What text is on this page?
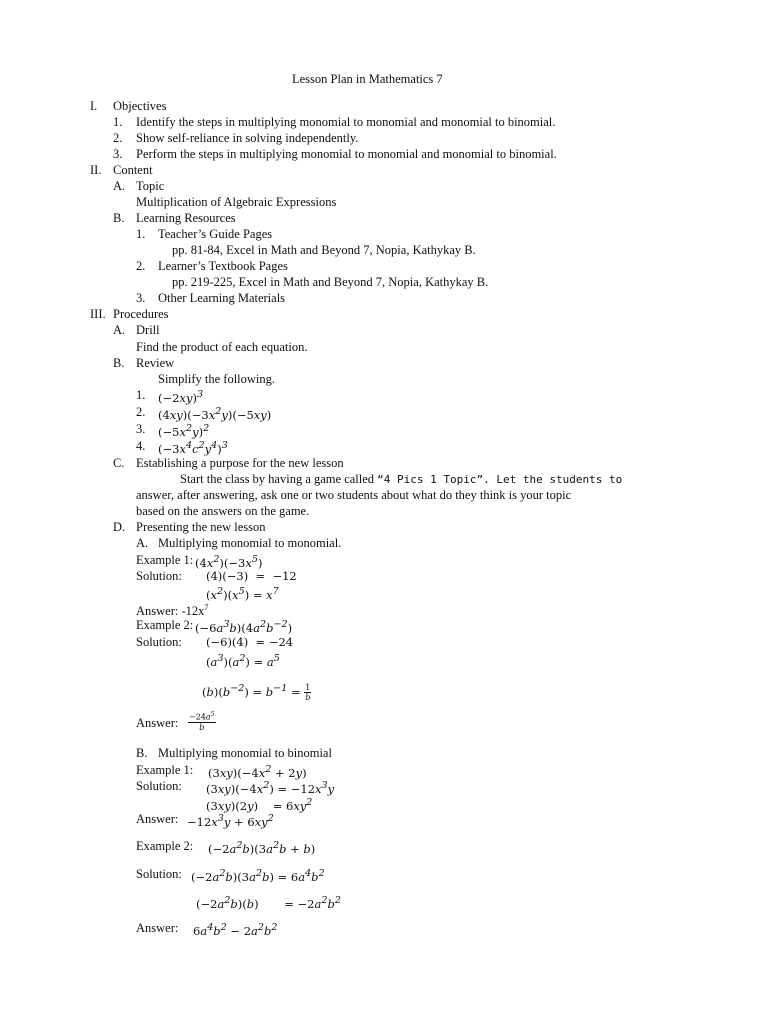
Lesson Plan in Mathematics 7
I. Objectives
1. Identify the steps in multiplying monomial to monomial and monomial to binomial.
2. Show self-reliance in solving independently.
3. Perform the steps in multiplying monomial to monomial and monomial to binomial.
II. Content
A. Topic
Multiplication of Algebraic Expressions
B. Learning Resources
1. Teacher’s Guide Pages
pp. 81-84, Excel in Math and Beyond 7, Nopia, Kathykay B.
2. Learner’s Textbook Pages
pp. 219-225, Excel in Math and Beyond 7, Nopia, Kathykay B.
3. Other Learning Materials
III. Procedures
A. Drill
Find the product of each equation.
B. Review
Simplify the following.
1. $(-2xy)^3$
2. $(4xy)(-3x^2y)(-5xy)$
3. $(-5x^2y)^2$
4. $(-3x^4c^2y^4)^3$
C. Establishing a purpose for the new lesson
Start the class by having a game called “4 Pics 1 Topic”. Let the students to
answer, after answering, ask one or two students about what do they think is your topic
based on the answers on the game.
D. Presenting the new lesson
A. Multiplying monomial to monomial.
Example 1: $(4x^2)(-3x^5)$
Solution: (4)(−3)  =  −12
$(x^2)(x^5) = x^7$
Answer: $-12x^7$
Example 2: $(-6a^3b)(4a^2b^{-2})$
Solution: (−6)(4)  = −24
$(a^3)(a^2) = a^5$
$(b)(b^{-2}) = b^{-1} = \frac{1}{b}$
Answer: $\frac{-24a^5}{b}$
B. Multiplying monomial to binomial
Example 1: $(3xy)(-4x^2 + 2y)$
Solution: $(3xy)(-4x^2) = -12x^3y$
(3xy)(2y)    = $6xy^2$
Answer: $-12x^3y + 6xy^2$
Example 2: $(-2a^2b)(3a^2b + b)$
Solution: $(-2a^2b)(3a^2b) = 6a^4b^2$
$(-2a^2b)(b)$       = $-2a^2b^2$
Answer: $6a^4b^2 - 2a^2b^2$
